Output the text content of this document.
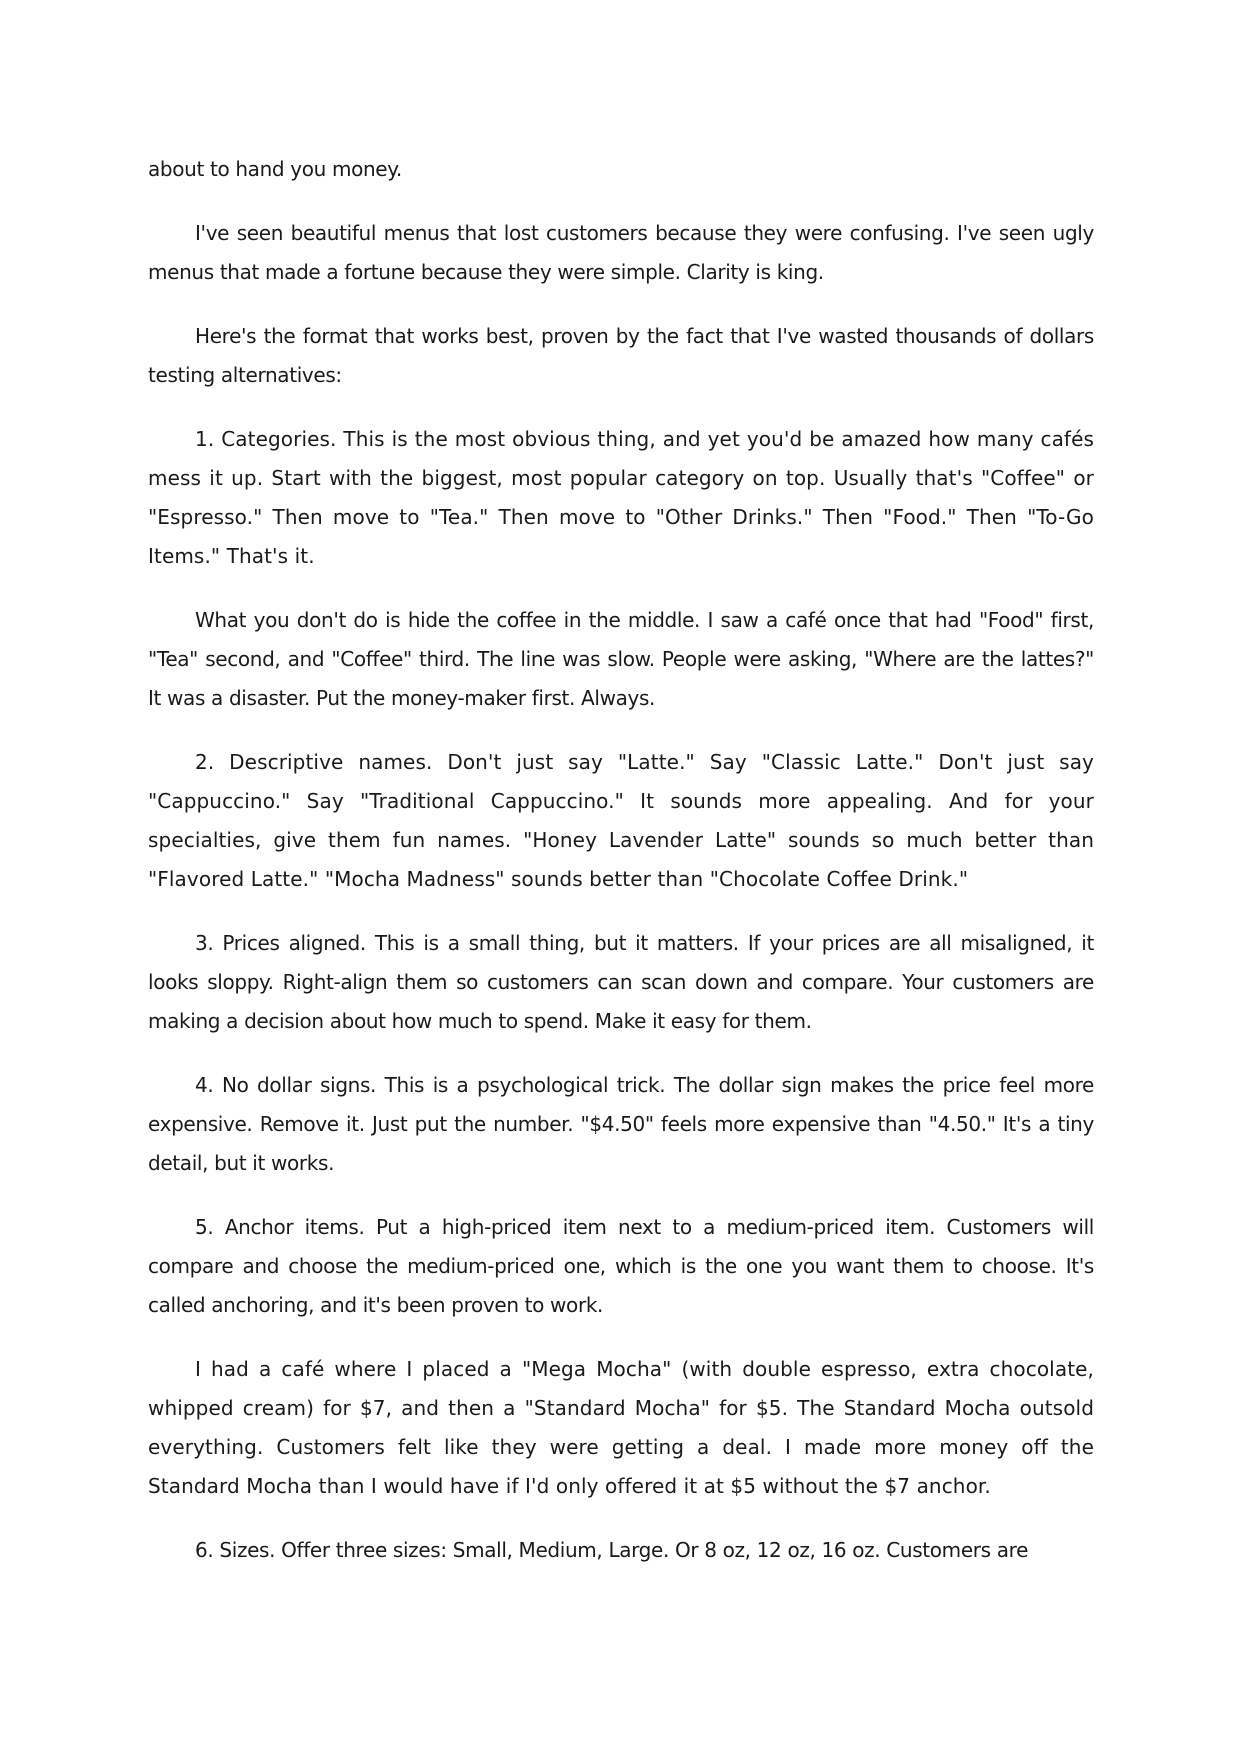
about to hand you money.

I've seen beautiful menus that lost customers because they were confusing. I've seen ugly menus that made a fortune because they were simple. Clarity is king.

Here's the format that works best, proven by the fact that I've wasted thousands of dollars testing alternatives:

1. Categories. This is the most obvious thing, and yet you'd be amazed how many cafés mess it up. Start with the biggest, most popular category on top. Usually that's "Coffee" or "Espresso." Then move to "Tea." Then move to "Other Drinks." Then "Food." Then "To-Go Items." That's it.

What you don't do is hide the coffee in the middle. I saw a café once that had "Food" first, "Tea" second, and "Coffee" third. The line was slow. People were asking, "Where are the lattes?" It was a disaster. Put the money-maker first. Always.

2. Descriptive names. Don't just say "Latte." Say "Classic Latte." Don't just say "Cappuccino." Say "Traditional Cappuccino." It sounds more appealing. And for your specialties, give them fun names. "Honey Lavender Latte" sounds so much better than "Flavored Latte." "Mocha Madness" sounds better than "Chocolate Coffee Drink."

3. Prices aligned. This is a small thing, but it matters. If your prices are all misaligned, it looks sloppy. Right-align them so customers can scan down and compare. Your customers are making a decision about how much to spend. Make it easy for them.

4. No dollar signs. This is a psychological trick. The dollar sign makes the price feel more expensive. Remove it. Just put the number. "$4.50" feels more expensive than "4.50." It's a tiny detail, but it works.

5. Anchor items. Put a high-priced item next to a medium-priced item. Customers will compare and choose the medium-priced one, which is the one you want them to choose. It's called anchoring, and it's been proven to work.

I had a café where I placed a "Mega Mocha" (with double espresso, extra chocolate, whipped cream) for $7, and then a "Standard Mocha" for $5. The Standard Mocha outsold everything. Customers felt like they were getting a deal. I made more money off the Standard Mocha than I would have if I'd only offered it at $5 without the $7 anchor.

6. Sizes. Offer three sizes: Small, Medium, Large. Or 8 oz, 12 oz, 16 oz. Customers are
